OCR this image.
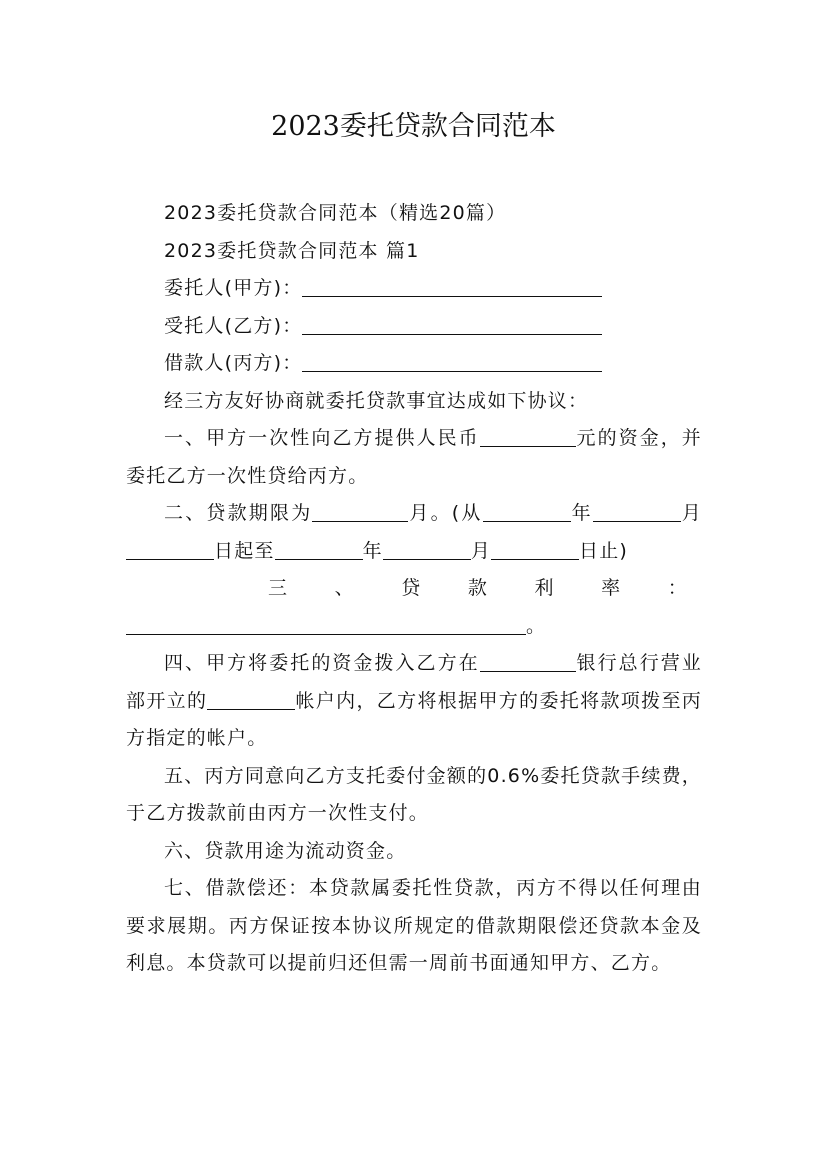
2023委托贷款合同范本

2023委托贷款合同范本（精选20篇）

2023委托贷款合同范本 篇1

委托人(甲方)：

受托人(乙方)：

借款人(丙方)：

经三方友好协商就委托贷款事宜达成如下协议：

一、甲方一次性向乙方提供人民币	元的资金，并委托乙方一次性贷给丙方。

二、贷款期限为	月。(从	年	月日起至	年	月	日止)

三 、 贷 款 利 率 ：

。

四、甲方将委托的资金拨入乙方在	银行总行营业部开立的	帐户内，乙方将根据甲方的委托将款项拨至丙方指定的帐户。

五、丙方同意向乙方支托委付金额的0.6%委托贷款手续费，于乙方拨款前由丙方一次性支付。

六、贷款用途为流动资金。

七、借款偿还：本贷款属委托性贷款，丙方不得以任何理由要求展期。丙方保证按本协议所规定的借款期限偿还贷款本金及利息。本贷款可以提前归还但需一周前书面通知甲方、乙方。
